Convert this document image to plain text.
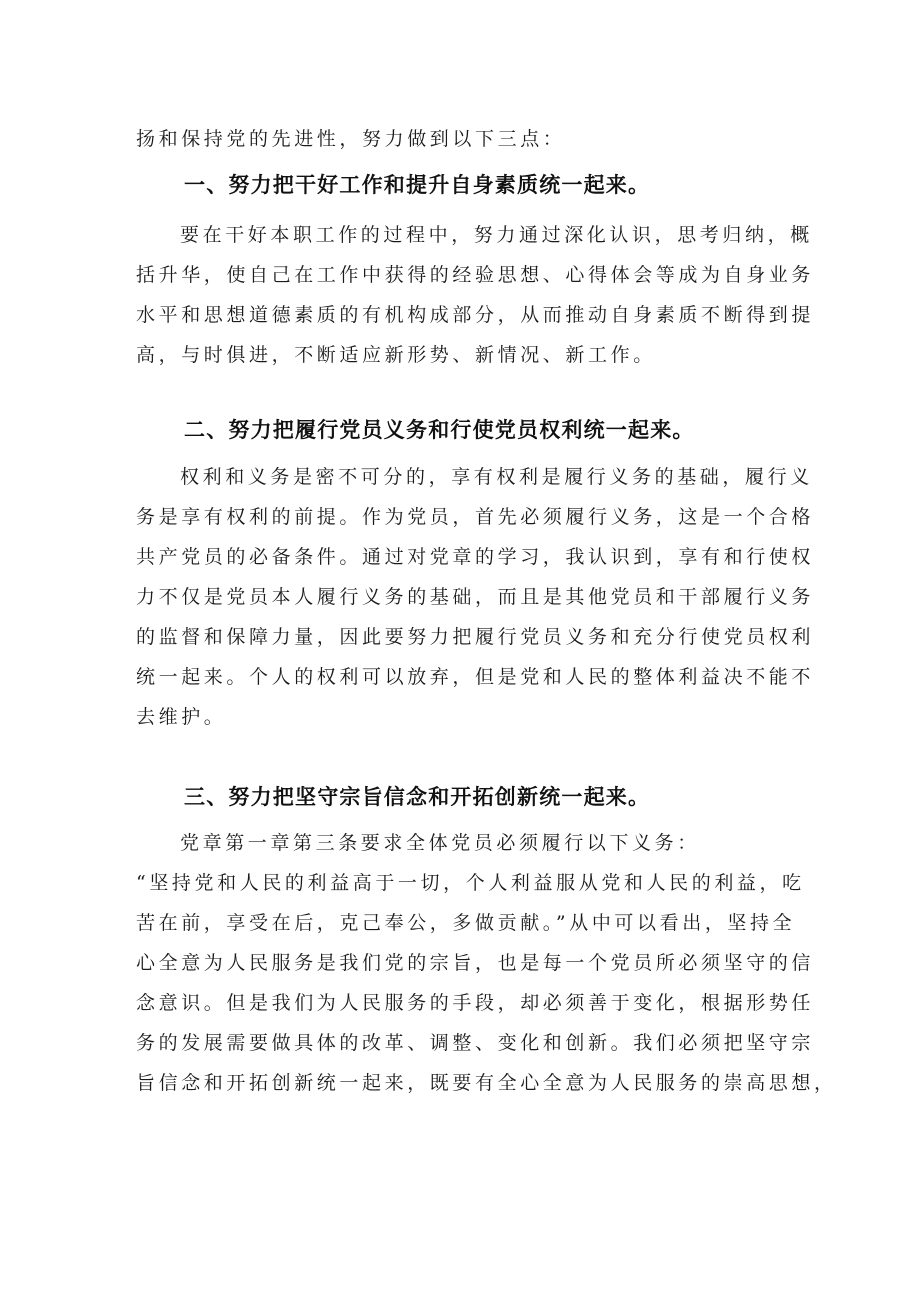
扬和保持党的先进性，努力做到以下三点：
一、努力把干好工作和提升自身素质统一起来。
要在干好本职工作的过程中，努力通过深化认识，思考归纳，概
括升华，使自己在工作中获得的经验思想、心得体会等成为自身业务
水平和思想道德素质的有机构成部分，从而推动自身素质不断得到提
高，与时俱进，不断适应新形势、新情况、新工作。
二、努力把履行党员义务和行使党员权利统一起来。
权利和义务是密不可分的，享有权利是履行义务的基础，履行义
务是享有权利的前提。作为党员，首先必须履行义务，这是一个合格
共产党员的必备条件。通过对党章的学习，我认识到，享有和行使权
力不仅是党员本人履行义务的基础，而且是其他党员和干部履行义务
的监督和保障力量，因此要努力把履行党员义务和充分行使党员权利
统一起来。个人的权利可以放弃，但是党和人民的整体利益决不能不
去维护。
三、努力把坚守宗旨信念和开拓创新统一起来。
党章第一章第三条要求全体党员必须履行以下义务：
“坚持党和人民的利益高于一切，个人利益服从党和人民的利益，吃
苦在前，享受在后，克己奉公，多做贡献。”从中可以看出，坚持全
心全意为人民服务是我们党的宗旨，也是每一个党员所必须坚守的信
念意识。但是我们为人民服务的手段，却必须善于变化，根据形势任
务的发展需要做具体的改革、调整、变化和创新。我们必须把坚守宗
旨信念和开拓创新统一起来，既要有全心全意为人民服务的崇高思想，
